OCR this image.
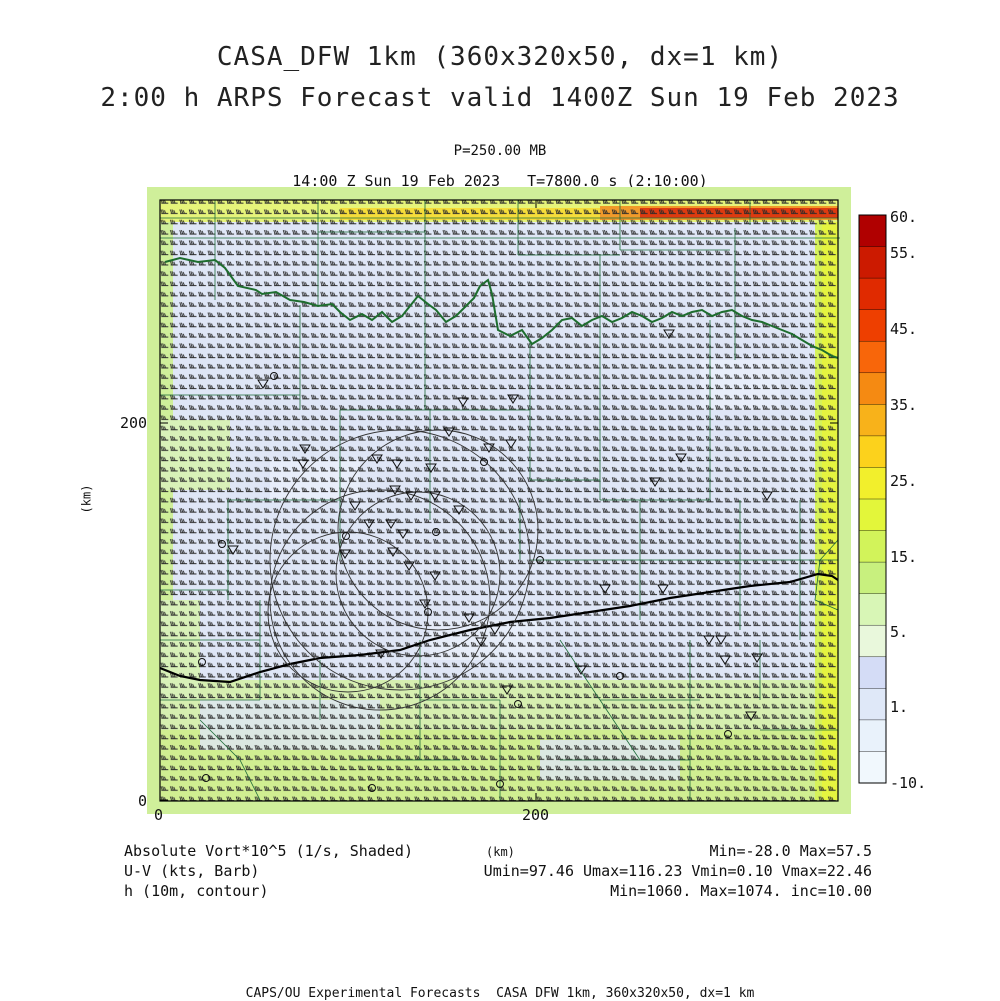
CASA_DFW 1km (360x320x50, dx=1 km)
2:00 h ARPS Forecast valid 1400Z Sun 19 Feb 2023
P=250.00 MB
14:00 Z Sun 19 Feb 2023   T=7800.0 s (2:10:00)
0	200
0
200
(km)
60.
55.
45.
35.
25.
15.
5.
1.
-10.
Absolute Vort*10^5 (1/s, Shaded)
U-V (kts, Barb)
h (10m, contour)
(km)	Min=-28.0 Max=57.5
Umin=97.46 Umax=116.23 Vmin=0.10 Vmax=22.46
Min=1060. Max=1074. inc=10.00
CAPS/OU Experimental Forecasts  CASA DFW 1km, 360x320x50, dx=1 km
